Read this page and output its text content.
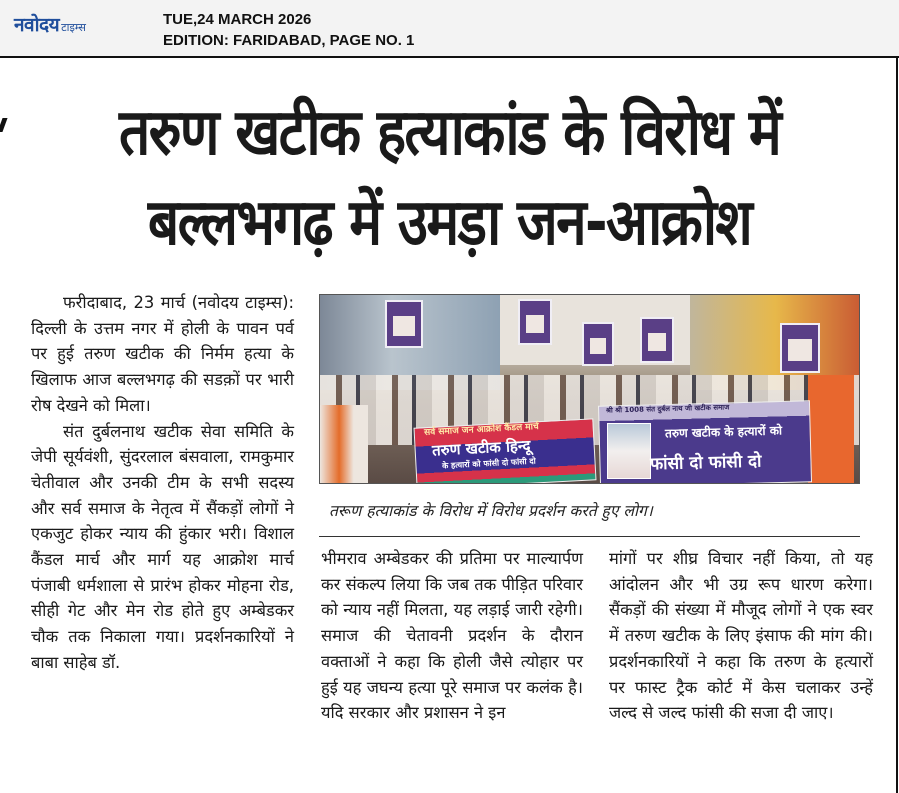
नवोदय टाइम्स	TUE,24 MARCH 2026
EDITION: FARIDABAD, PAGE NO. 1
तरुण खटीक हत्याकांड के विरोध में
बल्लभगढ़ में उमड़ा जन-आक्रोश

फरीदाबाद, 23 मार्च (नवोदय टाइम्स): दिल्ली के उत्तम नगर में होली के पावन पर्व पर हुई तरुण खटीक की निर्मम हत्या के खिलाफ आज बल्लभगढ़ की सडक़ों पर भारी रोष देखने को मिला।

संत दुर्बलनाथ खटीक सेवा समिति के जेपी सूर्यवंशी, सुंदरलाल बंसवाला, रामकुमार चेतीवाल और उनकी टीम के सभी सदस्य और सर्व समाज के नेतृत्व में सैंकड़ों लोगों ने एकजुट होकर न्याय की हुंकार भरी। विशाल कैंडल मार्च और मार्ग यह आक्रोश मार्च पंजाबी धर्मशाला से प्रारंभ होकर मोहना रोड, सीही गेट और मेन रोड होते हुए अम्बेडकर चौक तक निकाला गया। प्रदर्शनकारियों ने बाबा साहेब डॉ.

सर्व समाज जन आक्रोश कैंडल मार्च
तरुण खटीक हिन्दू
के हत्यारों को फांसी दो फांसी दो
श्री श्री 1008 संत दुर्बल नाथ जी खटीक समाज
तरुण खटीक के हत्यारों को
फांसी दो फांसी दो
तरूण हत्याकांड के विरोध में विरोध प्रदर्शन करते हुए लोग।

भीमराव अम्बेडकर की प्रतिमा पर माल्यार्पण कर संकल्प लिया कि जब तक पीड़ित परिवार को न्याय नहीं मिलता, यह लड़ाई जारी रहेगी। समाज की चेतावनी प्रदर्शन के दौरान वक्ताओं ने कहा कि होली जैसे त्योहार पर हुई यह जघन्य हत्या पूरे समाज पर कलंक है। यदि सरकार और प्रशासन ने इन

मांगों पर शीघ्र विचार नहीं किया, तो यह आंदोलन और भी उग्र रूप धारण करेगा। सैंकड़ों की संख्या में मौजूद लोगों ने एक स्वर में तरुण खटीक के लिए इंसाफ की मांग की। प्रदर्शनकारियों ने कहा कि तरुण के हत्यारों पर फास्ट ट्रैक कोर्ट में केस चलाकर उन्हें जल्द से जल्द फांसी की सजा दी जाए।
